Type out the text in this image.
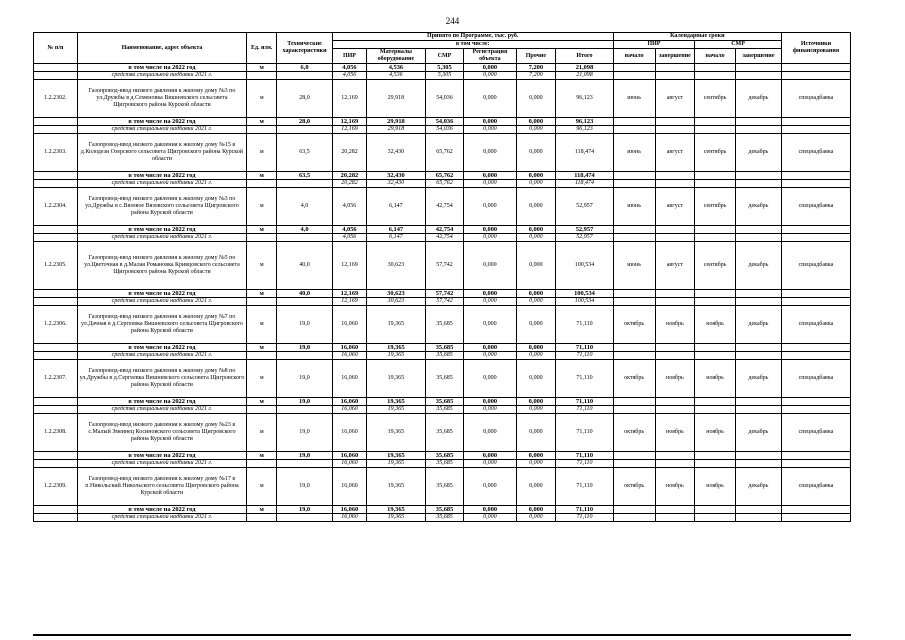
244
№ п/п	Наименование, адрес объекта	Ед. изм.	Технические характеристики	Принято по Программе, тыс. руб.						Календарные сроки				Источники финансирования
				в том числе:						ПИР		СМР		
				ПИР	Материалы оборудование	СМР	Регистрация объекта	Прочие	Итого	начало	завершение	начало	завершение	
	в том числе на 2022 год	м	6,0	4,056	4,536	5,305	0,000	7,200	21,098					
	средства специальной надбавки 2021 г.			4,056	4,536	5,305	0,000	7,200	21,098					
1.2.2302.	Газопровод-ввод низкого давления к жилому дому №3 по ул.Дружбы в д.Семеновка Вишневского сельсовета Щигровского района Курской области	м	28,0	12,169	29,918	54,036	0,000	0,000	96,123	июнь	август	сентябрь	декабрь	спецнадбавка
	в том числе на 2022 год	м	28,0	12,169	29,918	54,036	0,000	0,000	96,123					
	средства специальной надбавки 2021 г.			12,169	29,918	54,036	0,000	0,000	96,123					
1.2.2303.	Газопровод-ввод низкого давления к жилому дому №15 в д.Колодези Озерского сельсовета Щигровского района Курской области	м	63,5	20,282	32,430	65,762	0,000	0,000	118,474	июнь	август	сентябрь	декабрь	спецнадбавка
	в том числе на 2022 год	м	63,5	20,282	32,430	65,762	0,000	0,000	118,474					
	средства специальной надбавки 2021 г.			20,282	32,430	65,762	0,000	0,000	118,474					
1.2.2304.	Газопровод-ввод низкого давления к жилому дому №3 по ул.Дружбы в с.Вязовое Вязовского сельсовета Щигровского района Курской области	м	4,0	4,056	6,147	42,754	0,000	0,000	52,957	июнь	август	сентябрь	декабрь	спецнадбавка
	в том числе на 2022 год	м	4,0	4,056	6,147	42,754	0,000	0,000	52,957					
	средства специальной надбавки 2021 г.			4,056	6,147	42,754	0,000	0,000	52,957					
1.2.2305.	Газопровод-ввод низкого давления к жилому дому №5 по ул.Цветочная в д.Малая Романовка Кривцовского сельсовета Щигровского района Курской области	м	40,0	12,169	30,623	57,742	0,000	0,000	100,534	июнь	август	сентябрь	декабрь	спецнадбавка
	в том числе на 2022 год	м	40,0	12,169	30,623	57,742	0,000	0,000	100,534					
	средства специальной надбавки 2021 г.			12,169	30,623	57,742	0,000	0,000	100,534					
1.2.2306.	Газопровод-ввод низкого давления к жилому дому №7 по ул.Дачная в д.Сергеевка Вишневского сельсовета Щигровского района Курской области	м	19,0	16,060	19,365	35,685	0,000	0,000	71,110	октябрь	ноябрь	ноябрь	декабрь	спецнадбавка
	в том числе на 2022 год	м	19,0	16,060	19,365	35,685	0,000	0,000	71,110					
	средства специальной надбавки 2021 г.			16,060	19,365	35,685	0,000	0,000	71,110					
1.2.2307.	Газопровод-ввод низкого давления к жилому дому №8 по ул.Дружбы в д.Сергеевка Вишневского сельсовета Щигровского района Курской области	м	19,0	16,060	19,365	35,685	0,000	0,000	71,110	октябрь	ноябрь	ноябрь	декабрь	спецнадбавка
	в том числе на 2022 год	м	19,0	16,060	19,365	35,685	0,000	0,000	71,110					
	средства специальной надбавки 2021 г.			16,060	19,365	35,685	0,000	0,000	71,110					
1.2.2308.	Газопровод-ввод низкого давления к жилому дому №23 в с.Малый Змеинец Косиновского сельсовета Щигровского района Курской области	м	19,0	16,060	19,365	35,685	0,000	0,000	71,110	октябрь	ноябрь	ноябрь	декабрь	спецнадбавка
	в том числе на 2022 год	м	19,0	16,060	19,365	35,685	0,000	0,000	71,110					
	средства специальной надбавки 2021 г.			16,060	19,365	35,685	0,000	0,000	71,110					
1.2.2309.	Газопровод-ввод низкого давления к жилому дому №17 в п.Никольский Никольского сельсовета Щигровского района Курской области	м	19,0	16,060	19,365	35,685	0,000	0,000	71,110	октябрь	ноябрь	ноябрь	декабрь	спецнадбавка
	в том числе на 2022 год	м	19,0	16,060	19,365	35,685	0,000	0,000	71,110					
	средства специальной надбавки 2021 г.			16,060	19,365	35,685	0,000	0,000	71,110					
